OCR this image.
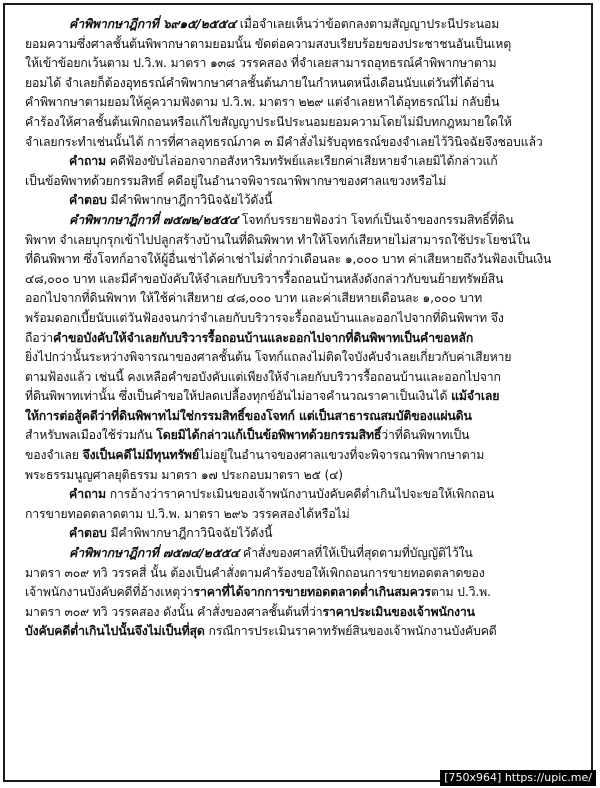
คำพิพากษาฎีกาที่ ๖๙๑๕/๒๕๕๔ เมื่อจำเลยเห็นว่าข้อตกลงตามสัญญาประนีประนอม
ยอมความซึ่งศาลชั้นต้นพิพากษาตามยอมนั้น ขัดต่อความสงบเรียบร้อยของประชาชนอันเป็นเหตุ
ให้เข้าข้อยกเว้นตาม ป.วิ.พ. มาตรา ๑๓๘ วรรคสอง ที่จำเลยสามารถอุทธรณ์คำพิพากษาตาม
ยอมได้ จำเลยก็ต้องอุทธรณ์คำพิพากษาศาลชั้นต้นภายในกำหนดหนึ่งเดือนนับแต่วันที่ได้อ่าน
คำพิพากษาตามยอมให้คู่ความฟังตาม ป.วิ.พ. มาตรา ๒๒๙ แต่จำเลยหาได้อุทธรณ์ไม่ กลับยื่น
คำร้องให้ศาลชั้นต้นเพิกถอนหรือแก้ไขสัญญาประนีประนอมยอมความโดยไม่มีบทกฎหมายใดให้
จำเลยกระทำเช่นนั้นได้ การที่ศาลอุทธรณ์ภาค ๓ มีคำสั่งไม่รับอุทธรณ์ของจำเลยไว้วินิจฉัยจึงชอบแล้ว
คำถาม คดีฟ้องขับไล่ออกจากอสังหาริมทรัพย์และเรียกค่าเสียหายจำเลยมิได้กล่าวแก้
เป็นข้อพิพาทด้วยกรรมสิทธิ์ คดีอยู่ในอำนาจพิจารณาพิพากษาของศาลแขวงหรือไม่
คำตอบ มีคำพิพากษาฎีกาวินิจฉัยไว้ดังนี้
คำพิพากษาฎีกาที่ ๗๕๗๒/๒๕๕๔ โจทก์บรรยายฟ้องว่า โจทก์เป็นเจ้าของกรรมสิทธิ์ที่ดิน
พิพาท จำเลยบุกรุกเข้าไปปลูกสร้างบ้านในที่ดินพิพาท ทำให้โจทก์เสียหายไม่สามารถใช้ประโยชน์ใน
ที่ดินพิพาท ซึ่งโจทก์อาจให้ผู้อื่นเช่าได้ค่าเช่าไม่ต่ำกว่าเดือนละ ๑,๐๐๐ บาท ค่าเสียหายถึงวันฟ้องเป็นเงิน
๔๘,๐๐๐ บาท และมีคำขอบังคับให้จำเลยกับบริวารรื้อถอนบ้านหลังดังกล่าวกับขนย้ายทรัพย์สิน
ออกไปจากที่ดินพิพาท ให้ใช้ค่าเสียหาย ๔๘,๐๐๐ บาท และค่าเสียหายเดือนละ ๑,๐๐๐ บาท
พร้อมดอกเบี้ยนับแต่วันฟ้องจนกว่าจำเลยกับบริวารจะรื้อถอนบ้านและออกไปจากที่ดินพิพาท จึง
ถือว่าคำขอบังคับให้จำเลยกับบริวารรื้อถอนบ้านและออกไปจากที่ดินพิพาทเป็นคำขอหลัก
ยิ่งไปกว่านั้นระหว่างพิจารณาของศาลชั้นต้น โจทก์แถลงไม่ติดใจบังคับจำเลยเกี่ยวกับค่าเสียหาย
ตามฟ้องแล้ว เช่นนี้ คงเหลือคำขอบังคับแต่เพียงให้จำเลยกับบริวารรื้อถอนบ้านและออกไปจาก
ที่ดินพิพาทเท่านั้น ซึ่งเป็นคำขอให้ปลดเปลื้องทุกข์อันไม่อาจคำนวณราคาเป็นเงินได้ แม้จำเลย
ให้การต่อสู้คดีว่าที่ดินพิพาทไม่ใช่กรรมสิทธิ์ของโจทก์ แต่เป็นสาธารณสมบัติของแผ่นดิน
สำหรับพลเมืองใช้ร่วมกัน โดยมิได้กล่าวแก้เป็นข้อพิพาทด้วยกรรมสิทธิ์ว่าที่ดินพิพาทเป็น
ของจำเลย จึงเป็นคดีไม่มีทุนทรัพย์ไม่อยู่ในอำนาจของศาลแขวงที่จะพิจารณาพิพากษาตาม
พระธรรมนูญศาลยุติธรรม มาตรา ๑๗ ประกอบมาตรา ๒๕ (๔)
คำถาม การอ้างว่าราคาประเมินของเจ้าพนักงานบังคับคดีต่ำเกินไปจะขอให้เพิกถอน
การขายทอดตลาดตาม ป.วิ.พ. มาตรา ๒๙๖ วรรคสองได้หรือไม่
คำตอบ มีคำพิพากษาฎีกาวินิจฉัยไว้ดังนี้
คำพิพากษาฎีกาที่ ๗๕๗๔/๒๕๕๔ คำสั่งของศาลที่ให้เป็นที่สุดตามที่บัญญัติไว้ใน
มาตรา ๓๐๙ ทวิ วรรคสี่ นั้น ต้องเป็นคำสั่งตามคำร้องขอให้เพิกถอนการขายทอดตลาดของ
เจ้าพนักงานบังคับคดีที่อ้างเหตุว่าราคาที่ได้จากการขายทอดตลาดต่ำเกินสมควรตาม ป.วิ.พ.
มาตรา ๓๐๙ ทวิ วรรคสอง ดังนั้น คำสั่งของศาลชั้นต้นที่ว่าราคาประเมินของเจ้าพนักงาน
บังคับคดีต่ำเกินไปนั้นจึงไม่เป็นที่สุด กรณีการประเมินราคาทรัพย์สินของเจ้าพนักงานบังคับคดี
[750x964] https://upic.me/
